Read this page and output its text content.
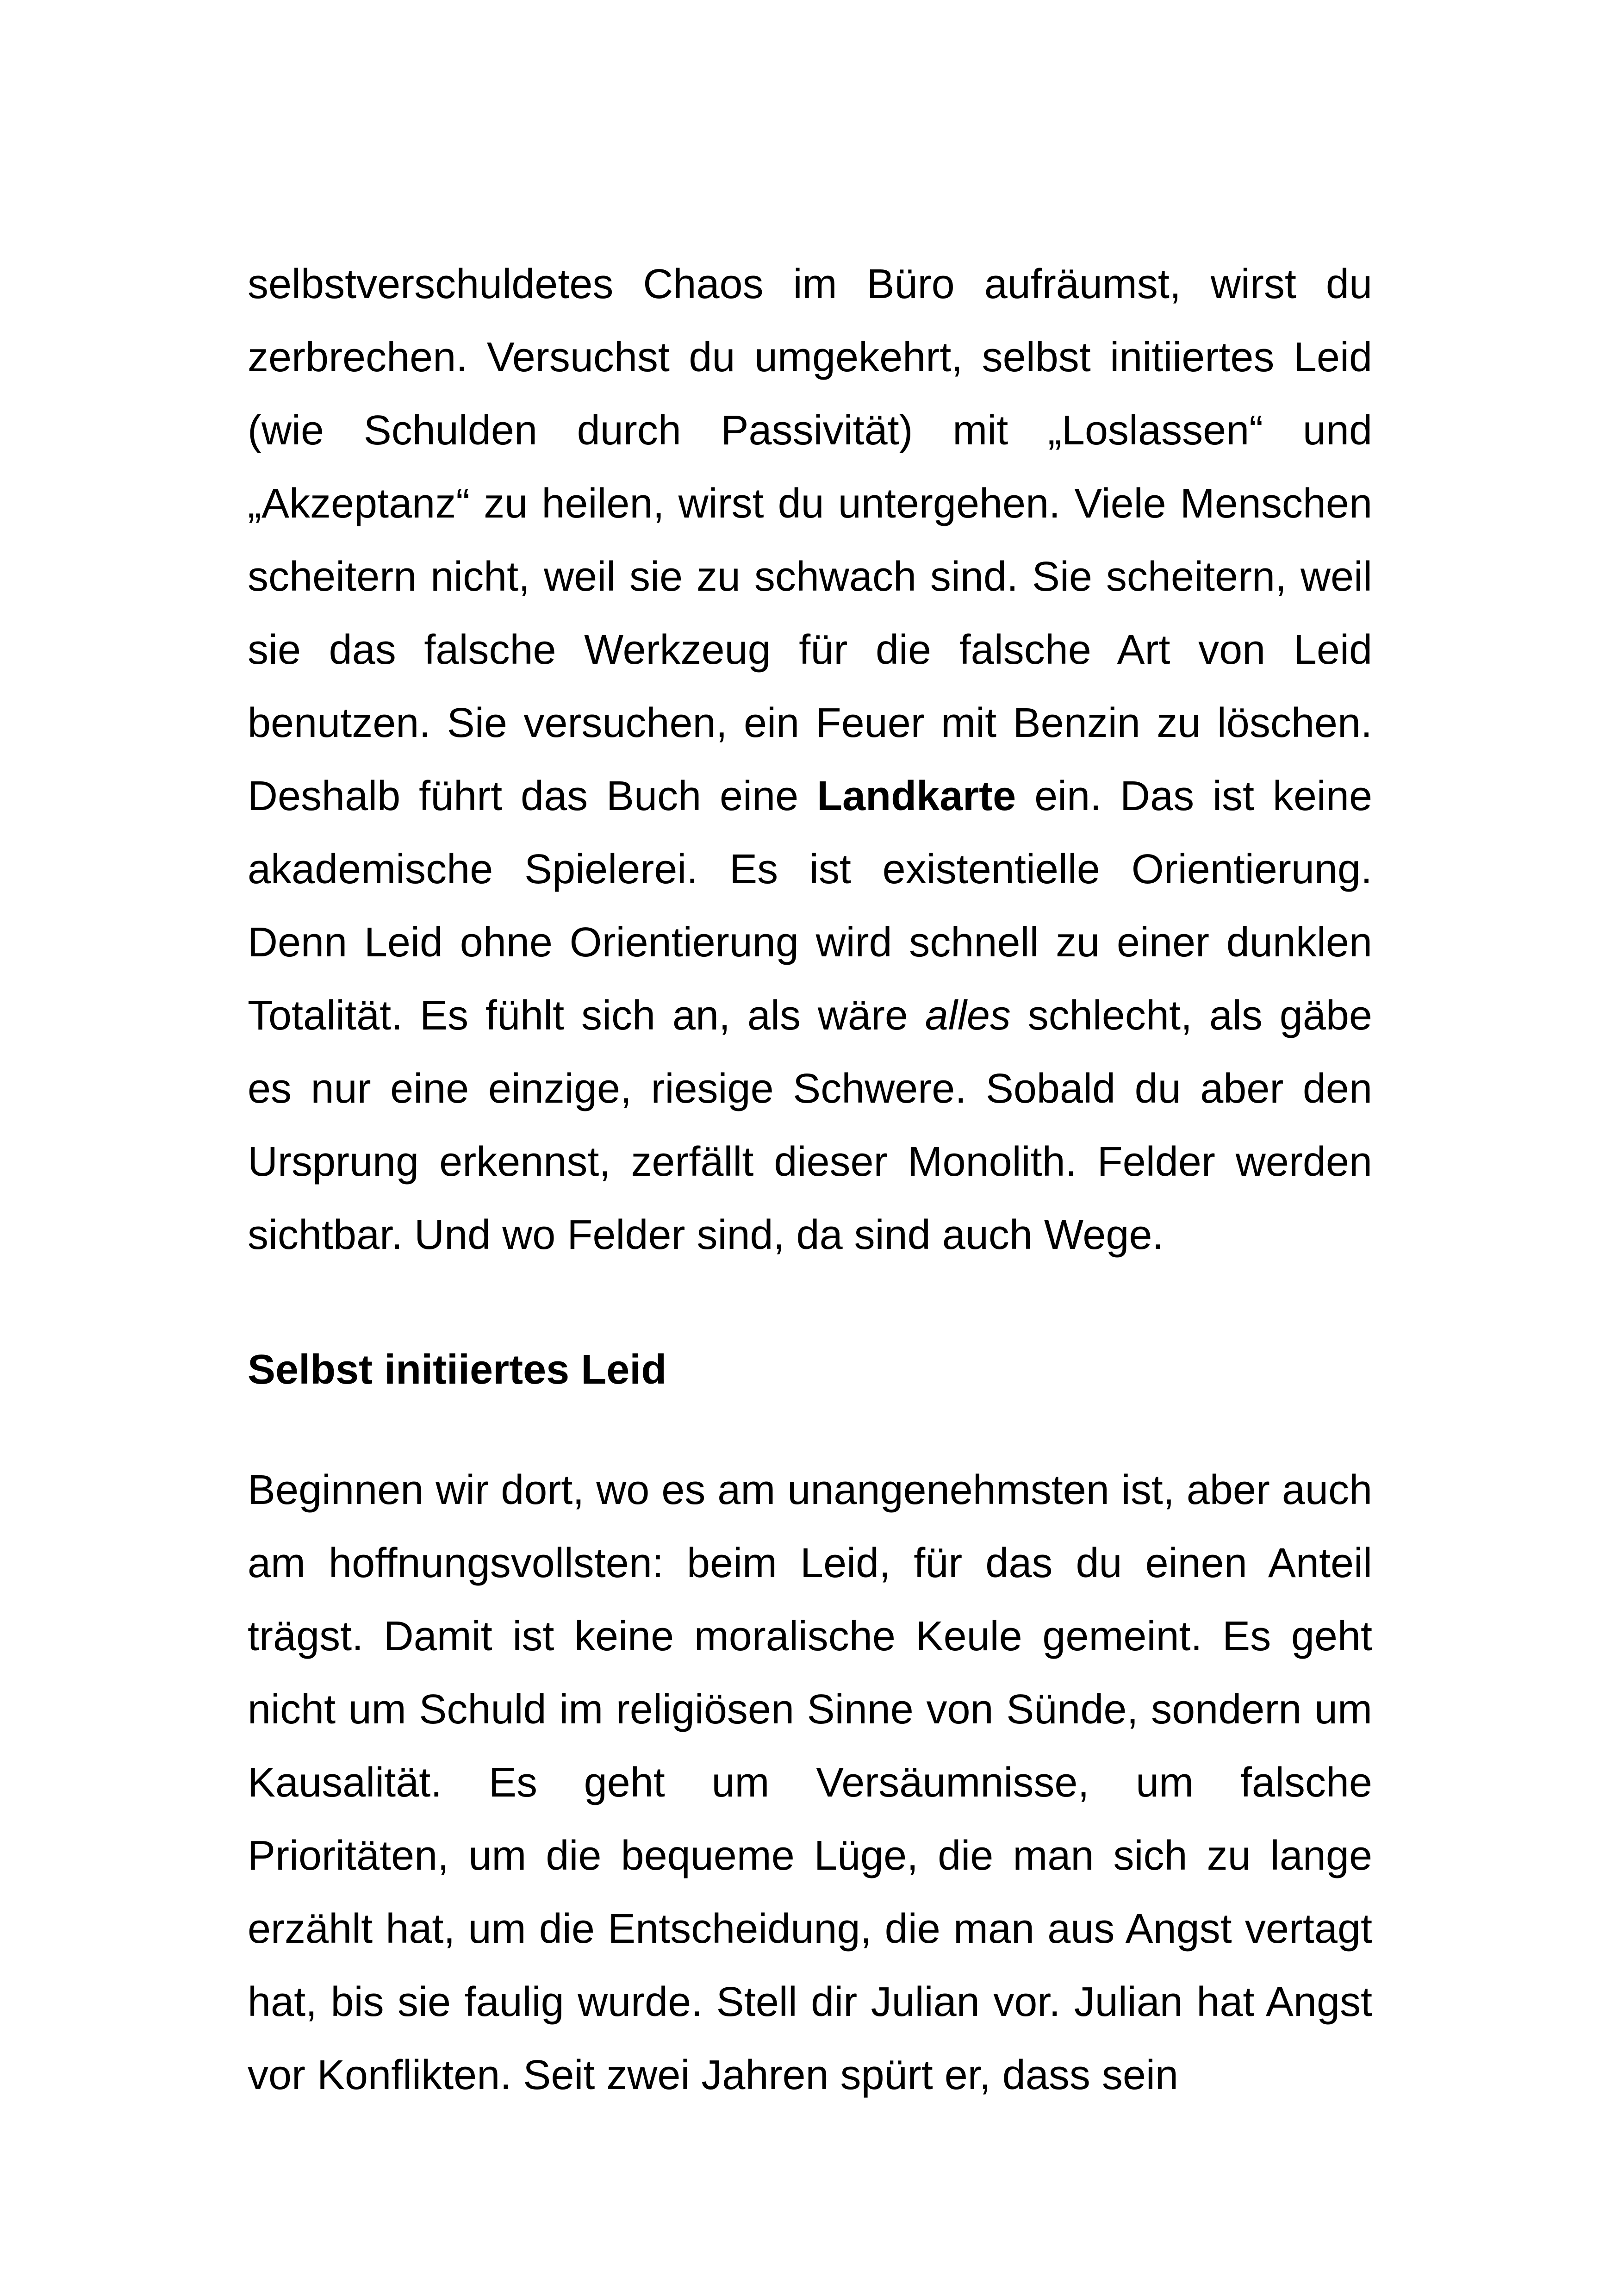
selbstverschuldetes Chaos im Büro aufräumst, wirst du zerbrechen. Versuchst du umgekehrt, selbst initiiertes Leid (wie Schulden durch Passivität) mit „Loslassen“ und „Akzeptanz“ zu heilen, wirst du untergehen. Viele Menschen scheitern nicht, weil sie zu schwach sind. Sie scheitern, weil sie das falsche Werkzeug für die falsche Art von Leid benutzen. Sie versuchen, ein Feuer mit Benzin zu löschen. Deshalb führt das Buch eine Landkarte ein. Das ist keine akademische Spielerei. Es ist existentielle Orientierung. Denn Leid ohne Orientierung wird schnell zu einer dunklen Totalität. Es fühlt sich an, als wäre alles schlecht, als gäbe es nur eine einzige, riesige Schwere. Sobald du aber den Ursprung erkennst, zerfällt dieser Monolith. Felder werden sichtbar. Und wo Felder sind, da sind auch Wege.

Selbst initiiertes Leid

Beginnen wir dort, wo es am unangenehmsten ist, aber auch am hoffnungsvollsten: beim Leid, für das du einen Anteil trägst. Damit ist keine moralische Keule gemeint. Es geht nicht um Schuld im religiösen Sinne von Sünde, sondern um Kausalität. Es geht um Versäumnisse, um falsche Prioritäten, um die bequeme Lüge, die man sich zu lange erzählt hat, um die Entscheidung, die man aus Angst vertagt hat, bis sie faulig wurde. Stell dir Julian vor. Julian hat Angst vor Konflikten. Seit zwei Jahren spürt er, dass sein
